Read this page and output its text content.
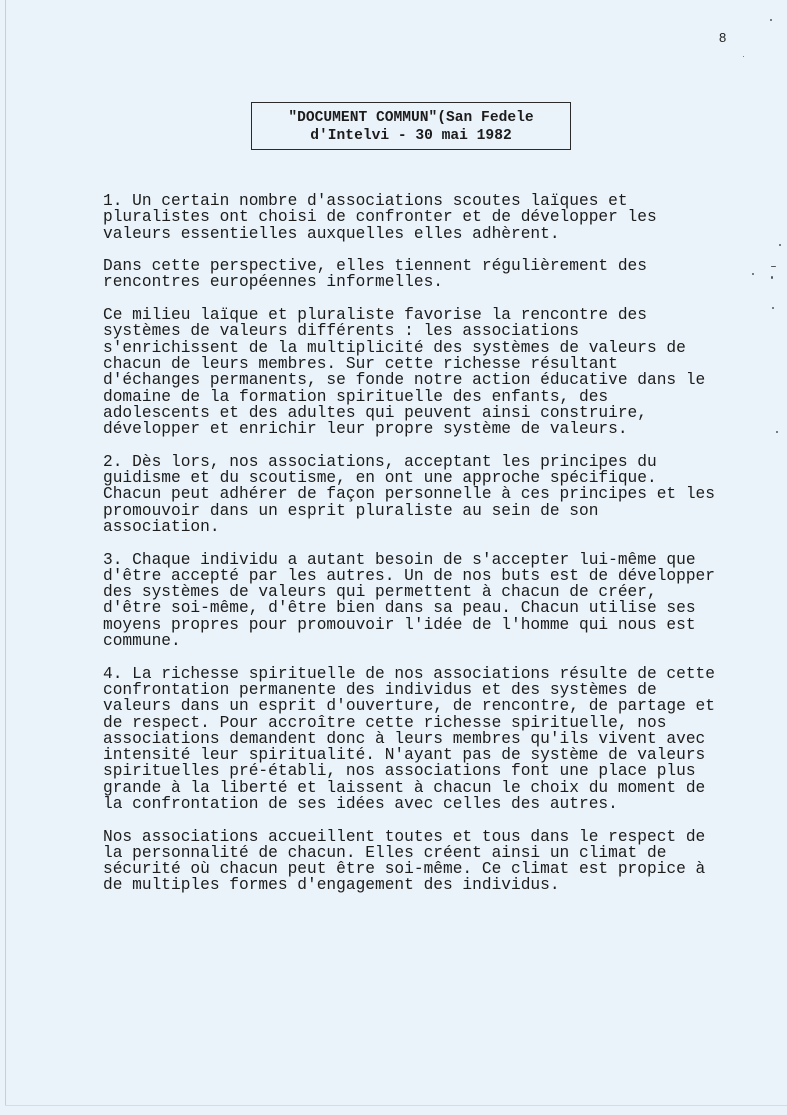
8
"DOCUMENT COMMUN"(San Fedele
d'Intelvi - 30 mai 1982
1. Un certain nombre d'associations scoutes laïques et
pluralistes ont choisi de confronter et de développer les
valeurs essentielles auxquelles elles adhèrent.
Dans cette perspective, elles tiennent régulièrement des
rencontres européennes informelles.
Ce milieu laïque et pluraliste favorise la rencontre des
systèmes de valeurs différents : les associations
s'enrichissent de la multiplicité des systèmes de valeurs de
chacun de leurs membres. Sur cette richesse résultant
d'échanges permanents, se fonde notre action éducative dans le
domaine de la formation spirituelle des enfants, des
adolescents et des adultes qui peuvent ainsi construire,
développer et enrichir leur propre système de valeurs.
2. Dès lors, nos associations, acceptant les principes du
guidisme et du scoutisme, en ont une approche spécifique.
Chacun peut adhérer de façon personnelle à ces principes et les
promouvoir dans un esprit pluraliste au sein de son
association.
3. Chaque individu a autant besoin de s'accepter lui-même que
d'être accepté par les autres. Un de nos buts est de développer
des systèmes de valeurs qui permettent à chacun de créer,
d'être soi-même, d'être bien dans sa peau. Chacun utilise ses
moyens propres pour promouvoir l'idée de l'homme qui nous est
commune.
4. La richesse spirituelle de nos associations résulte de cette
confrontation permanente des individus et des systèmes de
valeurs dans un esprit d'ouverture, de rencontre, de partage et
de respect. Pour accroître cette richesse spirituelle, nos
associations demandent donc à leurs membres qu'ils vivent avec
intensité leur spiritualité. N'ayant pas de système de valeurs
spirituelles pré-établi, nos associations font une place plus
grande à la liberté et laissent à chacun le choix du moment de
la confrontation de ses idées avec celles des autres.
Nos associations accueillent toutes et tous dans le respect de
la personnalité de chacun. Elles créent ainsi un climat de
sécurité où chacun peut être soi-même. Ce climat est propice à
de multiples formes d'engagement des individus.
